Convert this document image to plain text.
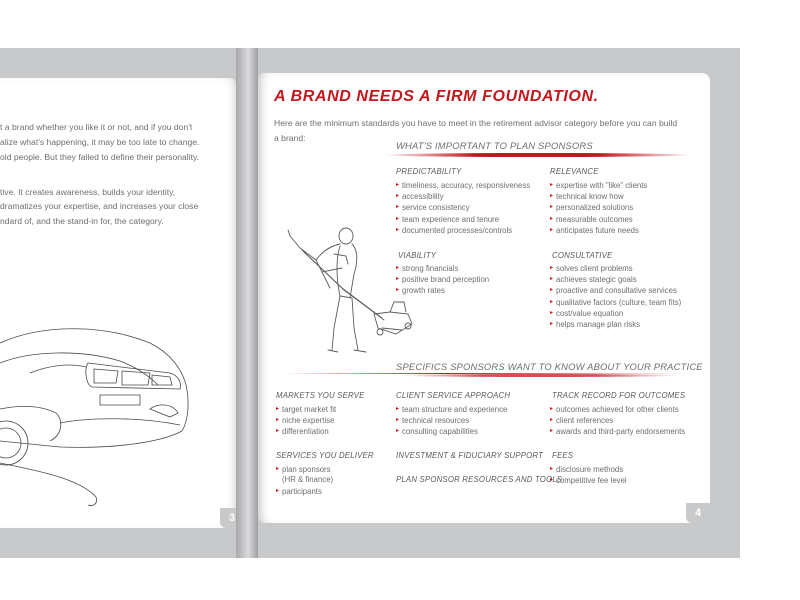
t a brand whether you like it or not, and if you don't
alize what's happening, it may be too late to change.
old people. But they failed to define their personality.
tive. It creates awareness, builds your identity,
dramatizes your expertise, and increases your close
ndard of, and the stand-in for, the category.
3
A BRAND NEEDS A FIRM FOUNDATION.
Here are the minimum standards you have to meet in the retirement advisor category before you can build a brand:
WHAT'S IMPORTANT TO PLAN SPONSORS
PREDICTABILITY
▸ timeliness, accuracy, responsiveness
▸ accessibility
▸ service consistency
▸ team experience and tenure
▸ documented processes/controls
RELEVANCE
▸ expertise with "like" clients
▸ technical know how
▸ personalized solutions
▸ measurable outcomes
▸ anticipates future needs
VIABILITY
▸ strong financials
▸ positive brand perception
▸ growth rates
CONSULTATIVE
▸ solves client problems
▸ achieves stategic goals
▸ proactive and consultative services
▸ qualitative factors (culture, team fits)
▸ cost/value equation
▸ helps manage plan risks
SPECIFICS SPONSORS WANT TO KNOW ABOUT YOUR PRACTICE
MARKETS YOU SERVE
▸ target market fit
▸ niche expertise
▸ differentiation
CLIENT SERVICE APPROACH
▸ team structure and experience
▸ technical resources
▸ consulting capabilities
TRACK RECORD FOR OUTCOMES
▸ outcomes achieved for other clients
▸ client references
▸ awards and third-party endorsements
SERVICES YOU DELIVER
▸ plan sponsors
(HR & finance)
▸ participants
INVESTMENT & FIDUCIARY SUPPORT
PLAN SPONSOR RESOURCES AND TOOLS
FEES
▸ disclosure methods
▸ competitive fee level
4
